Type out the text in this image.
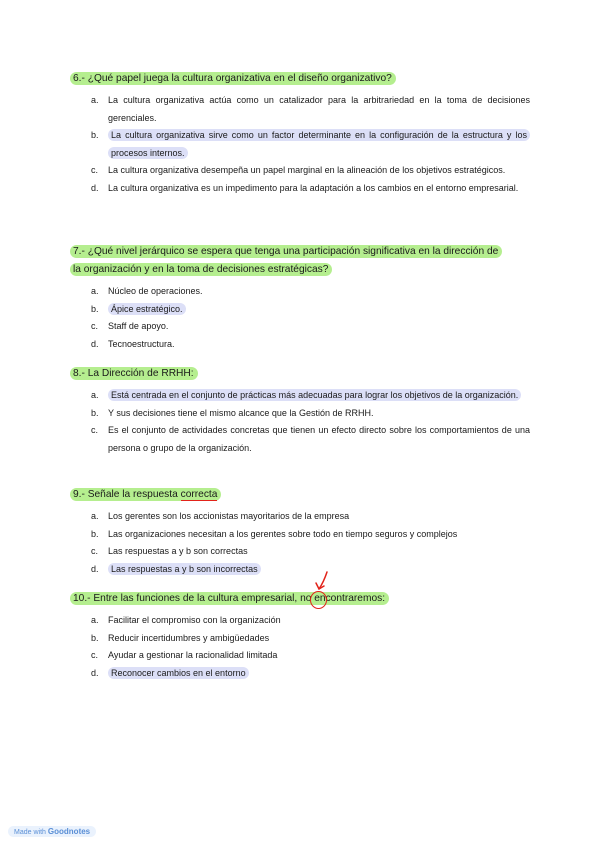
6.- ¿Qué papel juega la cultura organizativa en el diseño organizativo?

a. La cultura organizativa actúa como un catalizador para la arbitrariedad en la toma de decisiones gerenciales.
b. La cultura organizativa sirve como un factor determinante en la configuración de la estructura y los procesos internos.
c. La cultura organizativa desempeña un papel marginal en la alineación de los objetivos estratégicos.
d. La cultura organizativa es un impedimento para la adaptación a los cambios en el entorno empresarial.

7.- ¿Qué nivel jerárquico se espera que tenga una participación significativa en la dirección de
la organización y en la toma de decisiones estratégicas?

a. Núcleo de operaciones.
b. Ápice estratégico.
c. Staff de apoyo.
d. Tecnoestructura.

8.- La Dirección de RRHH:

a. Está centrada en el conjunto de prácticas más adecuadas para lograr los objetivos de la organización.
b. Y sus decisiones tiene el mismo alcance que la Gestión de RRHH.
c. Es el conjunto de actividades concretas que tienen un efecto directo sobre los comportamientos de una persona o grupo de la organización.

9.- Señale la respuesta correcta

a. Los gerentes son los accionistas mayoritarios de la empresa
b. Las organizaciones necesitan a los gerentes sobre todo en tiempo seguros y complejos
c. Las respuestas a y b son correctas
d. Las respuestas a y b son incorrectas

10.- Entre las funciones de la cultura empresarial, no encontraremos:

a. Facilitar el compromiso con la organización
b. Reducir incertidumbres y ambigüedades
c. Ayudar a gestionar la racionalidad limitada
d. Reconocer cambios en el entorno
Made with Goodnotes
